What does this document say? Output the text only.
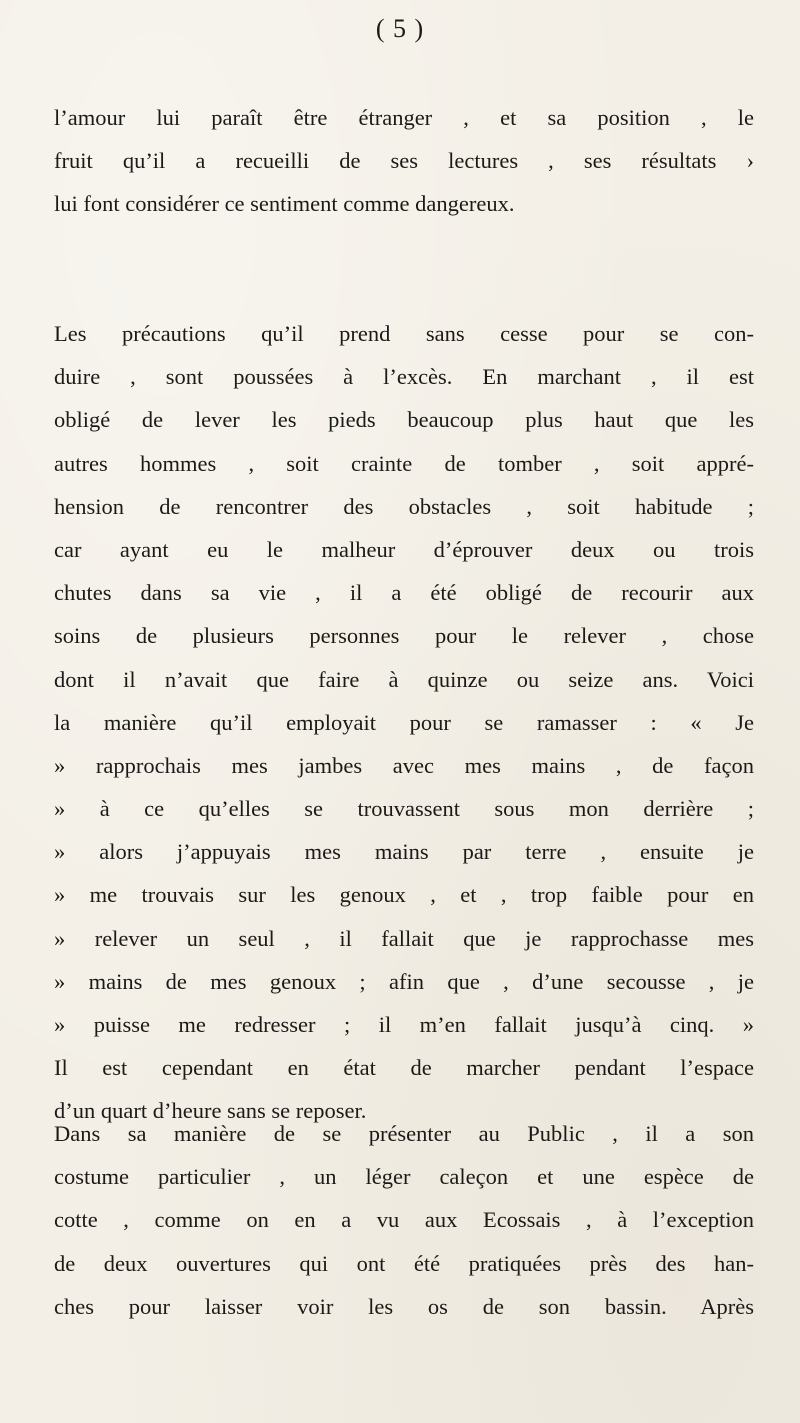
( 5 )
l’amour lui paraît être étranger , et sa position , le
fruit qu’il a recueilli de ses lectures , ses résultats ›
lui font considérer ce sentiment comme dangereux.
Les précautions qu’il prend sans cesse pour se con-
duire , sont poussées à l’excès. En marchant , il est
obligé de lever les pieds beaucoup plus haut que les
autres hommes , soit crainte de tomber , soit appré-
hension de rencontrer des obstacles , soit habitude ;
car ayant eu le malheur d’éprouver deux ou trois
chutes dans sa vie , il a été obligé de recourir aux
soins de plusieurs personnes pour le relever , chose
dont il n’avait que faire à quinze ou seize ans. Voici
la manière qu’il employait pour se ramasser : « Je
» rapprochais mes jambes avec mes mains , de façon
» à ce qu’elles se trouvassent sous mon derrière ;
» alors j’appuyais mes mains par terre , ensuite je
» me trouvais sur les genoux , et , trop faible pour en
» relever un seul , il fallait que je rapprochasse mes
» mains de mes genoux ; afin que , d’une secousse , je
» puisse me redresser ; il m’en fallait jusqu’à cinq. »
Il est cependant en état de marcher pendant l’espace
d’un quart d’heure sans se reposer.
Dans sa manière de se présenter au Public , il a son
costume particulier , un léger caleçon et une espèce de
cotte , comme on en a vu aux Ecossais , à l’exception
de deux ouvertures qui ont été pratiquées près des han-
ches pour laisser voir les os de son bassin. Après
